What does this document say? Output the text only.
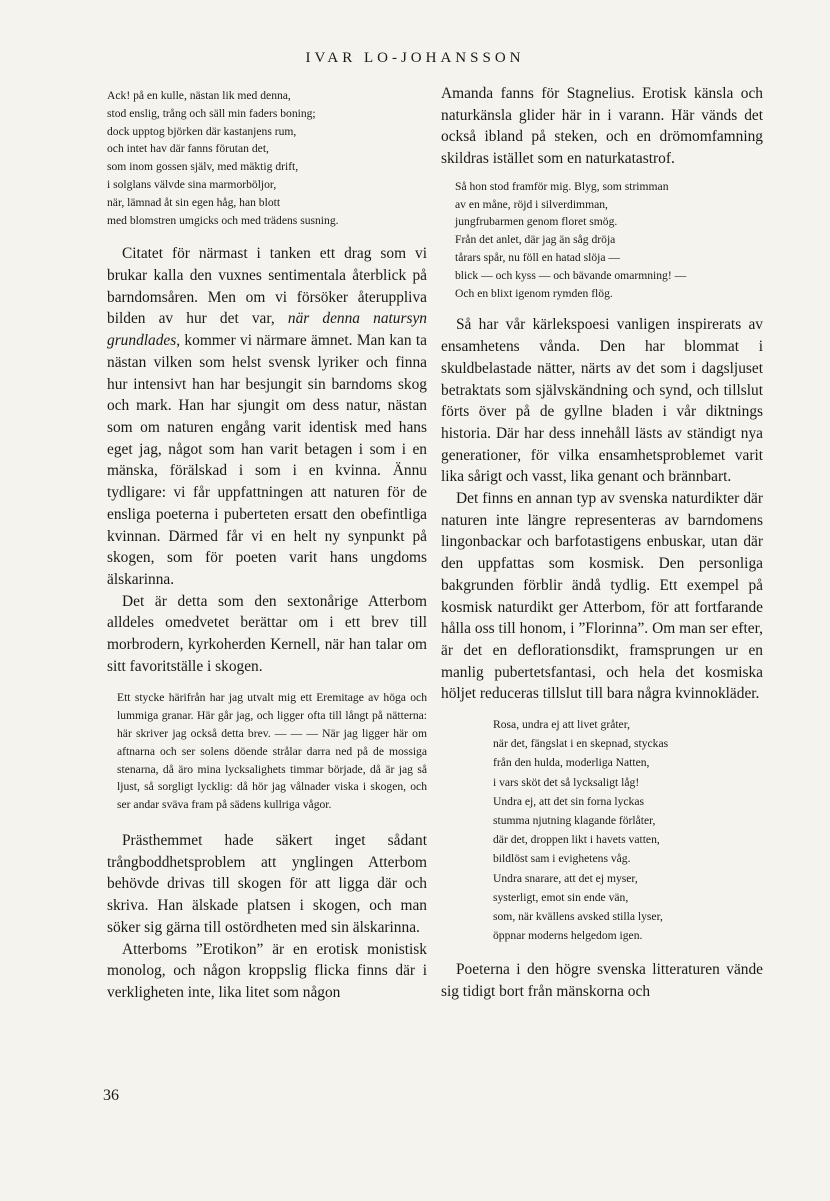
IVAR LO-JOHANSSON
Ack! på en kulle, nästan lik med denna,
stod enslig, trång och säll min faders boning;
dock upptog björken där kastanjens rum,
och intet hav där fanns förutan det,
som inom gossen själv, med mäktig drift,
i solglans välvde sina marmorböljor,
när, lämnad åt sin egen håg, han blott
med blomstren umgicks och med trädens susning.

Citatet för närmast i tanken ett drag som vi brukar kalla den vuxnes sentimentala återblick på barndomsåren. Men om vi försöker återuppliva bilden av hur det var, när denna natursyn grundlades, kommer vi närmare ämnet. Man kan ta nästan vilken som helst svensk lyriker och finna hur intensivt han har besjungit sin barndoms skog och mark. Han har sjungit om dess natur, nästan som om naturen engång varit identisk med hans eget jag, något som han varit betagen i som i en mänska, förälskad i som i en kvinna. Ännu tydligare: vi får uppfattningen att naturen för de ensliga poeterna i puberteten ersatt den obefintliga kvinnan. Därmed får vi en helt ny synpunkt på skogen, som för poeten varit hans ungdoms älskarinna.

Det är detta som den sextonårige Atterbom alldeles omedvetet berättar om i ett brev till morbrodern, kyrkoherden Kernell, när han talar om sitt favoritställe i skogen.

Ett stycke härifrån har jag utvalt mig ett Eremitage av höga och lummiga granar. Här går jag, och ligger ofta till långt på nätterna: här skriver jag också detta brev. — — — När jag ligger här om aftnarna och ser solens döende strålar darra ned på de mossiga stenarna, då äro mina lycksalighets timmar började, då är jag så ljust, så sorgligt lycklig: då hör jag vålnader viska i skogen, och ser andar sväva fram på sädens kullriga vågor.

Prästhemmet hade säkert inget sådant trångboddhetsproblem att ynglingen Atterbom behövde drivas till skogen för att ligga där och skriva. Han älskade platsen i skogen, och man söker sig gärna till ostördheten med sin älskarinna.

Atterboms ”Erotikon” är en erotisk monistisk monolog, och någon kroppslig flicka finns där i verkligheten inte, lika litet som någon

Amanda fanns för Stagnelius. Erotisk känsla och naturkänsla glider här in i varann. Här vänds det också ibland på steken, och en drömomfamning skildras istället som en naturkatastrof.

Så hon stod framför mig. Blyg, som strimman
av en måne, röjd i silverdimman,
jungfrubarmen genom floret smög.
Från det anlet, där jag än såg dröja
tårars spår, nu föll en hatad slöja —
blick — och kyss — och bävande omarmning! —
Och en blixt igenom rymden flög.

Så har vår kärlekspoesi vanligen inspirerats av ensamhetens vånda. Den har blommat i skuldbelastade nätter, närts av det som i dagsljuset betraktats som självskändning och synd, och tillslut förts över på de gyllne bladen i vår diktnings historia. Där har dess innehåll lästs av ständigt nya generationer, för vilka ensamhetsproblemet varit lika sårigt och vasst, lika genant och brännbart.

Det finns en annan typ av svenska naturdikter där naturen inte längre representeras av barndomens lingonbackar och barfotastigens enbuskar, utan där den uppfattas som kosmisk. Den personliga bakgrunden förblir ändå tydlig. Ett exempel på kosmisk naturdikt ger Atterbom, för att fortfarande hålla oss till honom, i ”Florinna”. Om man ser efter, är det en deflorationsdikt, framsprungen ur en manlig pubertetsfantasi, och hela det kosmiska höljet reduceras tillslut till bara några kvinnokläder.

Rosa, undra ej att livet gråter,
när det, fängslat i en skepnad, styckas
från den hulda, moderliga Natten,
i vars sköt det så lycksaligt låg!
Undra ej, att det sin forna lyckas
stumma njutning klagande förlåter,
där det, droppen likt i havets vatten,
bildlöst sam i evighetens våg.
Undra snarare, att det ej myser,
systerligt, emot sin ende vän,
som, när kvällens avsked stilla lyser,
öppnar moderns helgedom igen.

Poeterna i den högre svenska litteraturen vände sig tidigt bort från mänskorna och

36
